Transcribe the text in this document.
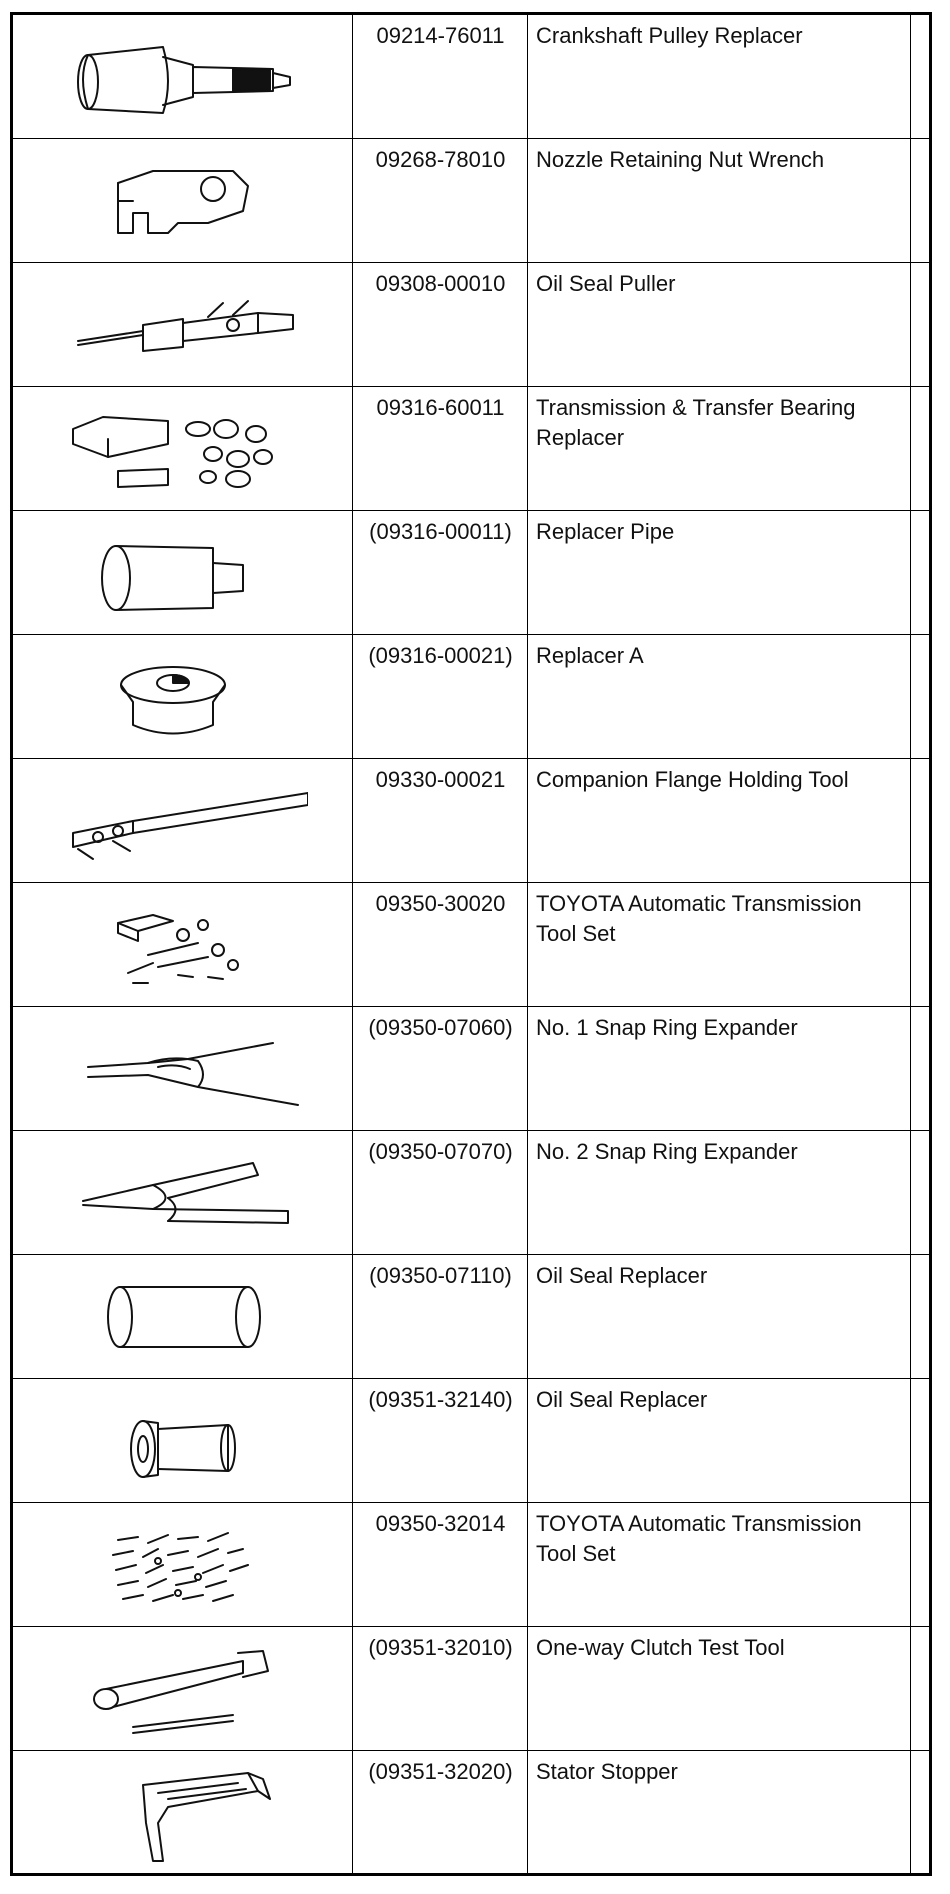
09214-76011	Crankshaft Pulley Replacer
09268-78010	Nozzle Retaining Nut Wrench
09308-00010	Oil Seal Puller
09316-60011	Transmission & Transfer Bearing Replacer
(09316-00011)	Replacer Pipe
(09316-00021)	Replacer A
09330-00021	Companion Flange Holding Tool
09350-30020	TOYOTA Automatic Transmission Tool Set
(09350-07060)	No. 1 Snap Ring Expander
(09350-07070)	No. 2 Snap Ring Expander
(09350-07110)	Oil Seal Replacer
(09351-32140)	Oil Seal Replacer
09350-32014	TOYOTA Automatic Transmission Tool Set
(09351-32010)	One-way Clutch Test Tool
(09351-32020)	Stator Stopper
